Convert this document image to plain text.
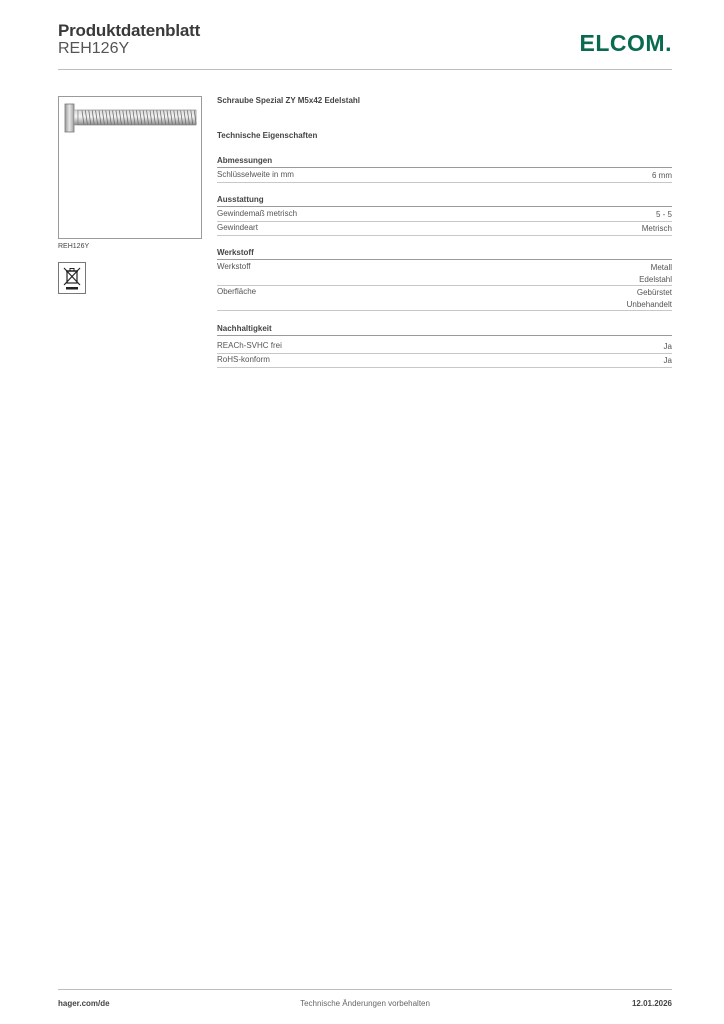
Produktdatenblatt
REH126Y	ELCOM.
REH126Y
Schraube Spezial ZY M5x42 Edelstahl
Technische Eigenschaften
Abmessungen
Schlüsselweite in mm	6 mm
Ausstattung
Gewindemaß metrisch	5 - 5
Gewindeart	Metrisch
Werkstoff
Werkstoff	Metall
Edelstahl
Oberfläche	Gebürstet
Unbehandelt
Nachhaltigkeit
REACh-SVHC frei	Ja
RoHS-konform	Ja
hager.com/de	Technische Änderungen vorbehalten	12.01.2026
